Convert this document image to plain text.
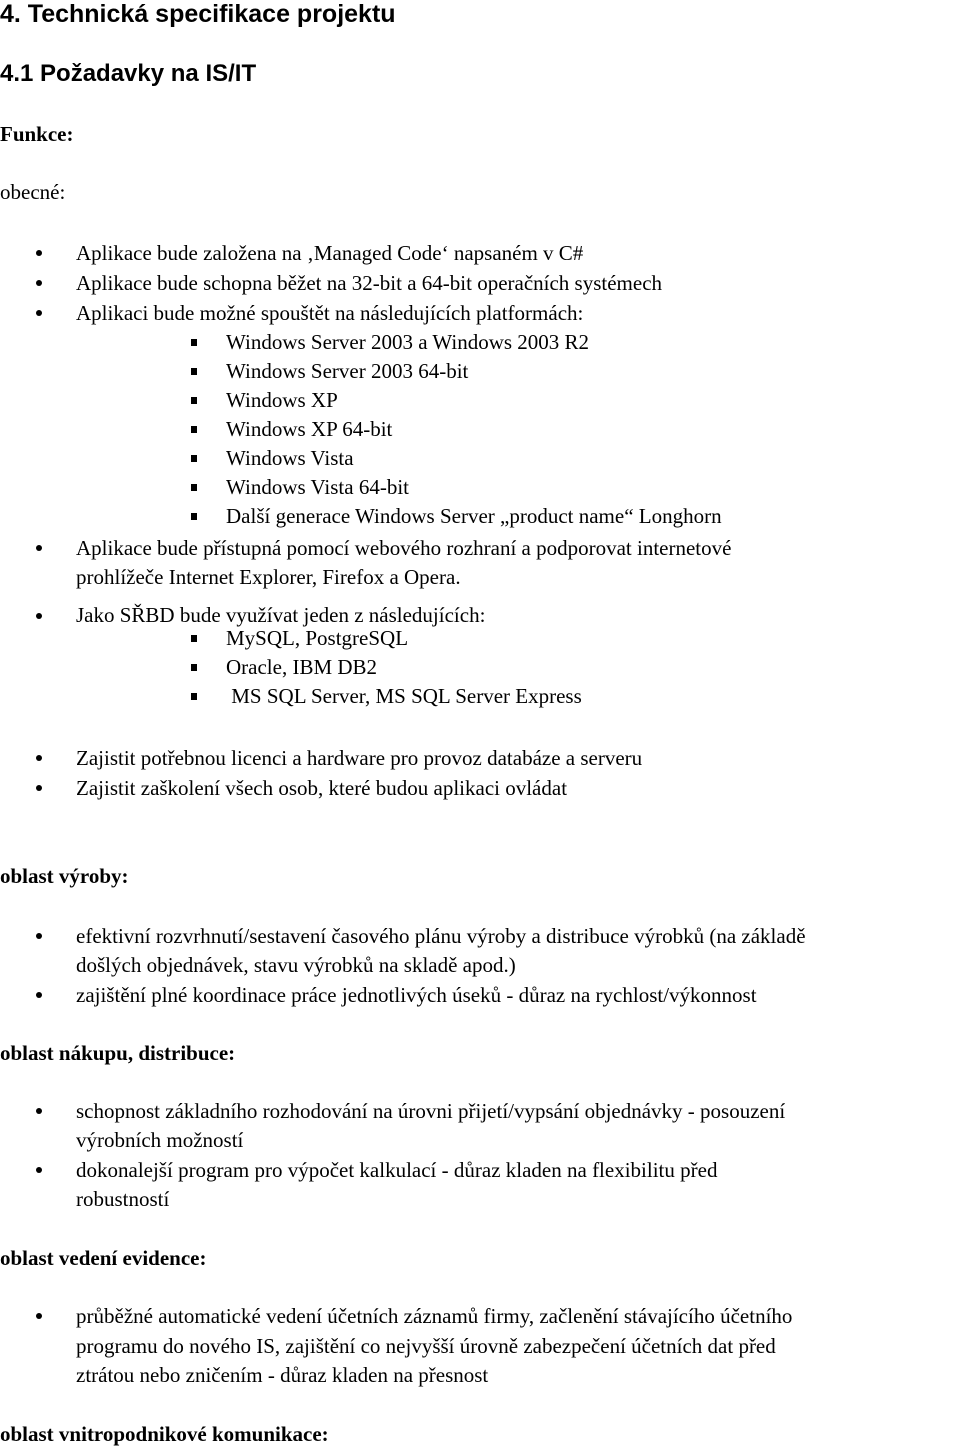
4. Technická specifikace projektu
4.1 Požadavky na IS/IT
Funkce:
obecné:
Aplikace bude založena na ‚Managed Code‘ napsaném v C#
Aplikace bude schopna běžet na 32-bit a 64-bit operačních systémech
Aplikaci bude možné spouštět na následujících platformách:
Windows Server 2003 a Windows 2003 R2
Windows Server 2003 64-bit
Windows XP
Windows XP 64-bit
Windows Vista
Windows Vista 64-bit
Další generace Windows Server „product name“ Longhorn
Aplikace bude přístupná pomocí webového rozhraní a podporovat internetové
prohlížeče Internet Explorer, Firefox a Opera.
Jako SŘBD bude využívat jeden z následujících:
MySQL, PostgreSQL
Oracle, IBM DB2
MS SQL Server, MS SQL Server Express
Zajistit potřebnou licenci a hardware pro provoz databáze a serveru
Zajistit zaškolení všech osob, které budou aplikaci ovládat
oblast výroby:
efektivní rozvrhnutí/sestavení časového plánu výroby a distribuce výrobků (na základě
došlých objednávek, stavu výrobků na skladě apod.)
zajištění plné koordinace práce jednotlivých úseků - důraz na rychlost/výkonnost
oblast nákupu, distribuce:
schopnost základního rozhodování na úrovni přijetí/vypsání objednávky - posouzení
výrobních možností
dokonalejší program pro výpočet kalkulací - důraz kladen na flexibilitu před
robustností
oblast vedení evidence:
průběžné automatické vedení účetních záznamů firmy, začlenění stávajícího účetního
programu do nového IS, zajištění co nejvyšší úrovně zabezpečení účetních dat před
ztrátou nebo zničením - důraz kladen na přesnost
oblast vnitropodnikové komunikace:
